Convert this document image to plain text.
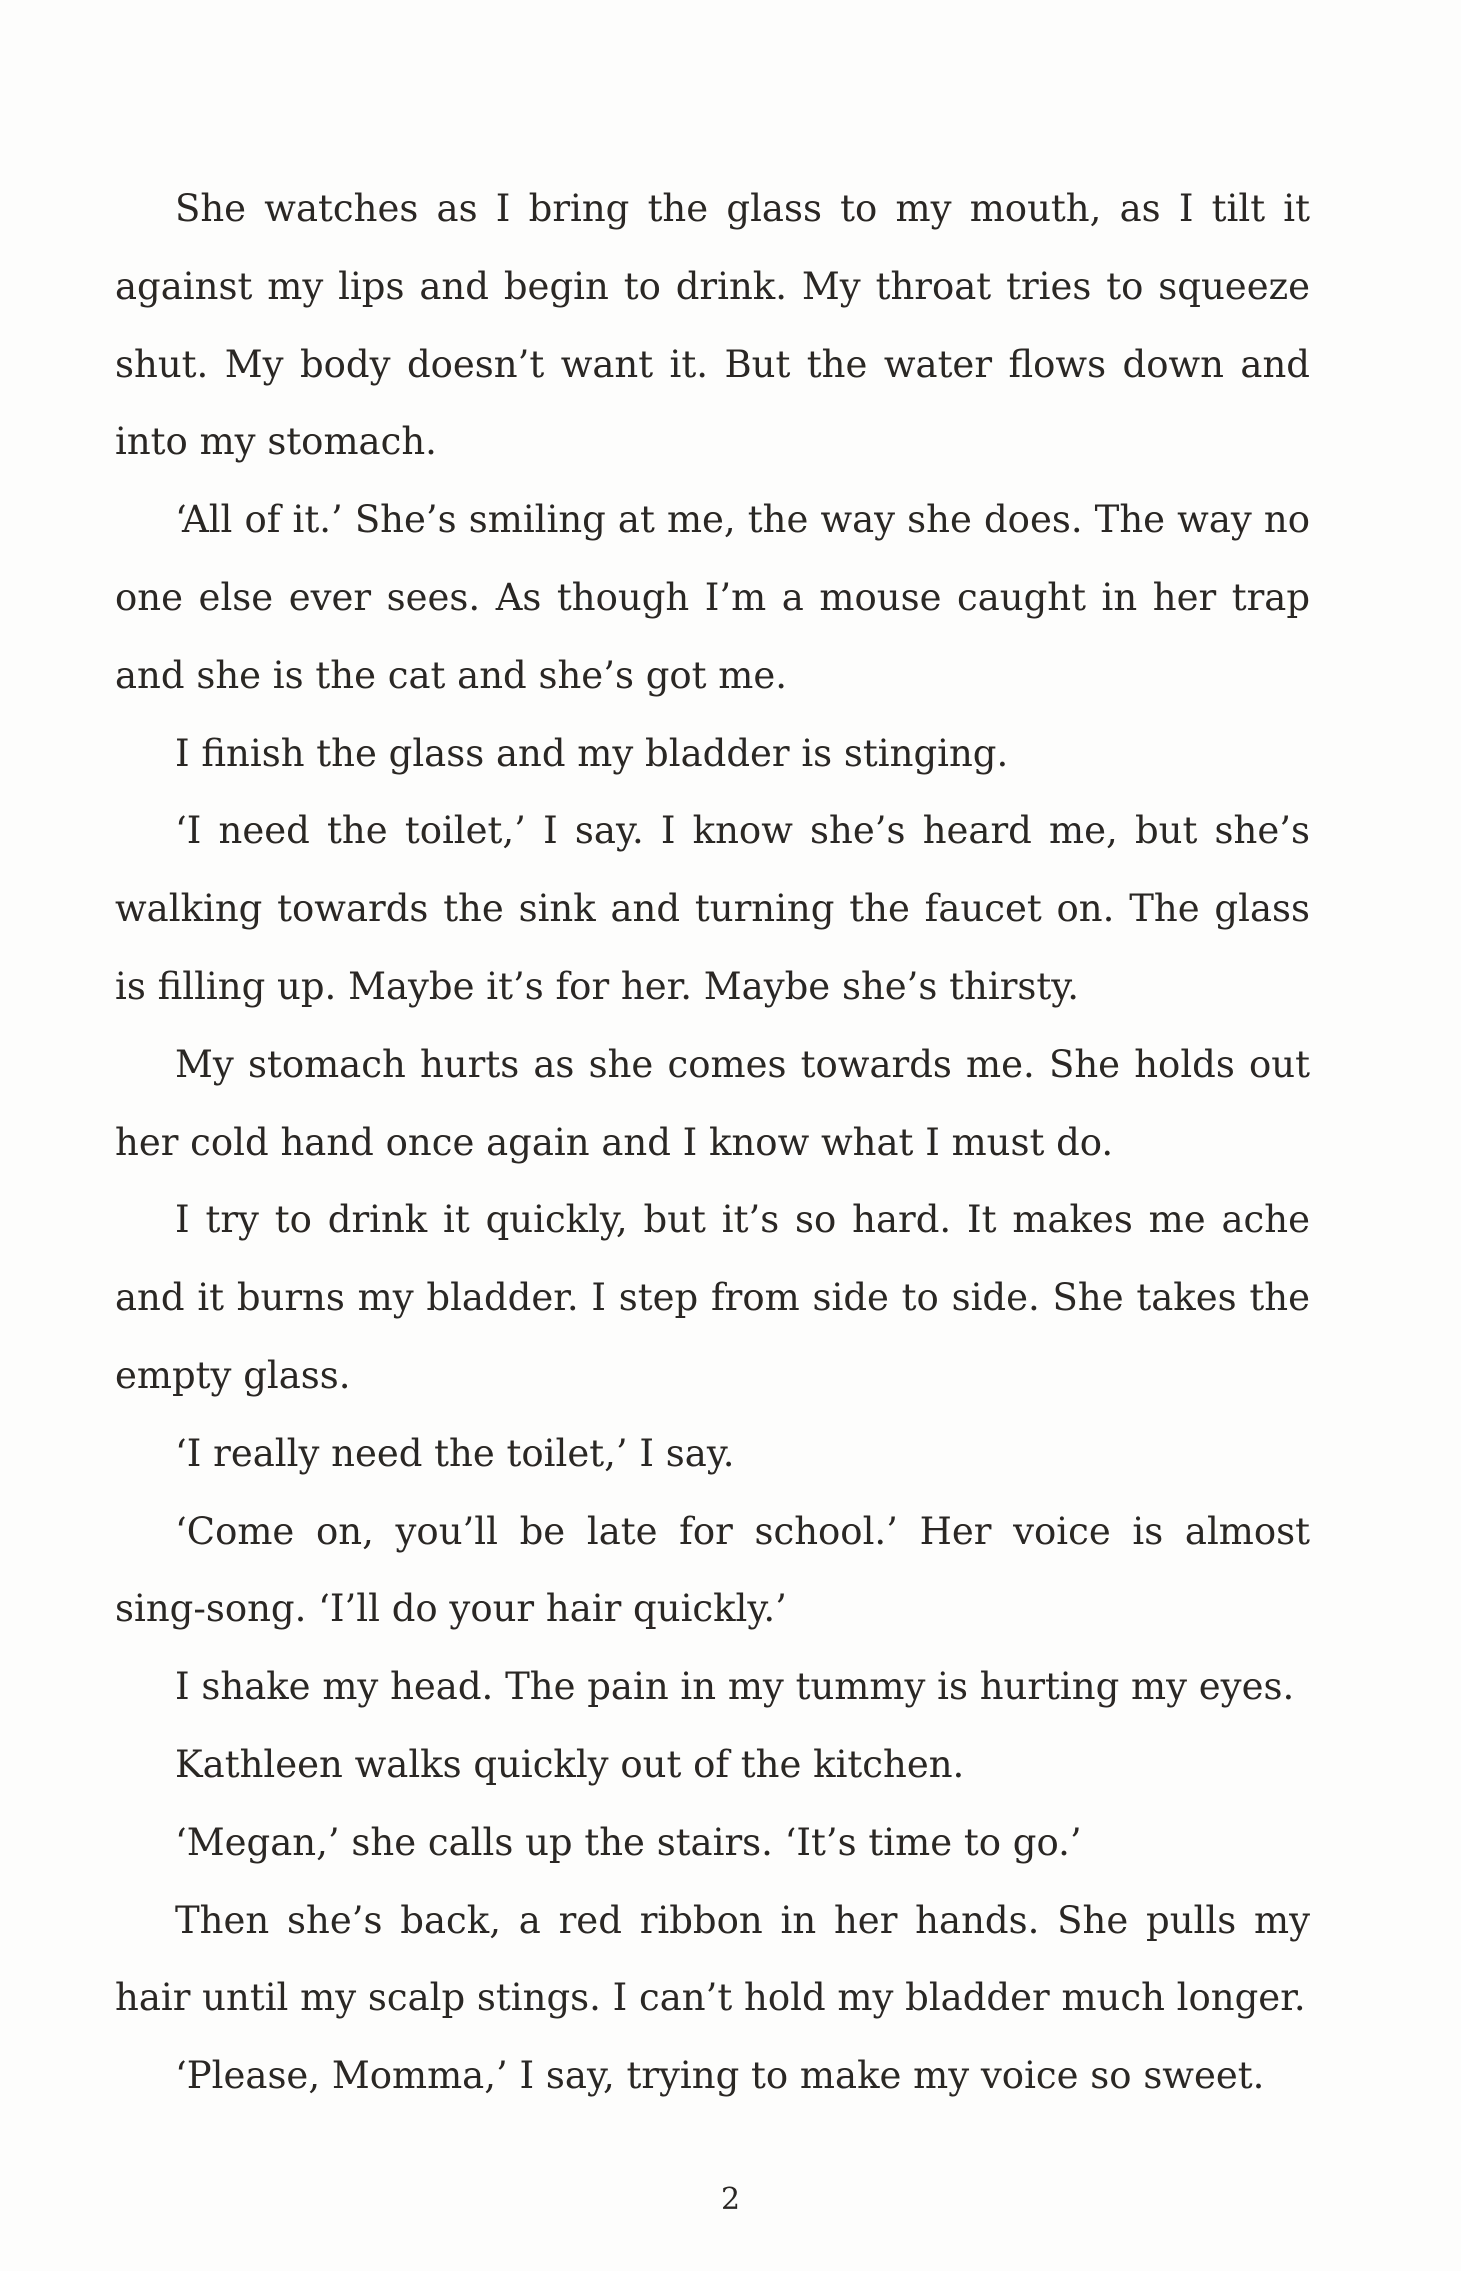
She watches as I bring the glass to my mouth, as I tilt it against my lips and begin to drink. My throat tries to squeeze shut. My body doesn’t want it. But the water flows down and into my stomach.

‘All of it.’ She’s smiling at me, the way she does. The way no one else ever sees. As though I’m a mouse caught in her trap and she is the cat and she’s got me.

I finish the glass and my bladder is stinging.

‘I need the toilet,’ I say. I know she’s heard me, but she’s walking towards the sink and turning the faucet on. The glass is filling up. Maybe it’s for her. Maybe she’s thirsty.

My stomach hurts as she comes towards me. She holds out her cold hand once again and I know what I must do.

I try to drink it quickly, but it’s so hard. It makes me ache and it burns my bladder. I step from side to side. She takes the empty glass.

‘I really need the toilet,’ I say.

‘Come on, you’ll be late for school.’ Her voice is almost sing-song. ‘I’ll do your hair quickly.’

I shake my head. The pain in my tummy is hurting my eyes.

Kathleen walks quickly out of the kitchen.

‘Megan,’ she calls up the stairs. ‘It’s time to go.’

Then she’s back, a red ribbon in her hands. She pulls my hair until my scalp stings. I can’t hold my bladder much longer.

‘Please, Momma,’ I say, trying to make my voice so sweet.

2
